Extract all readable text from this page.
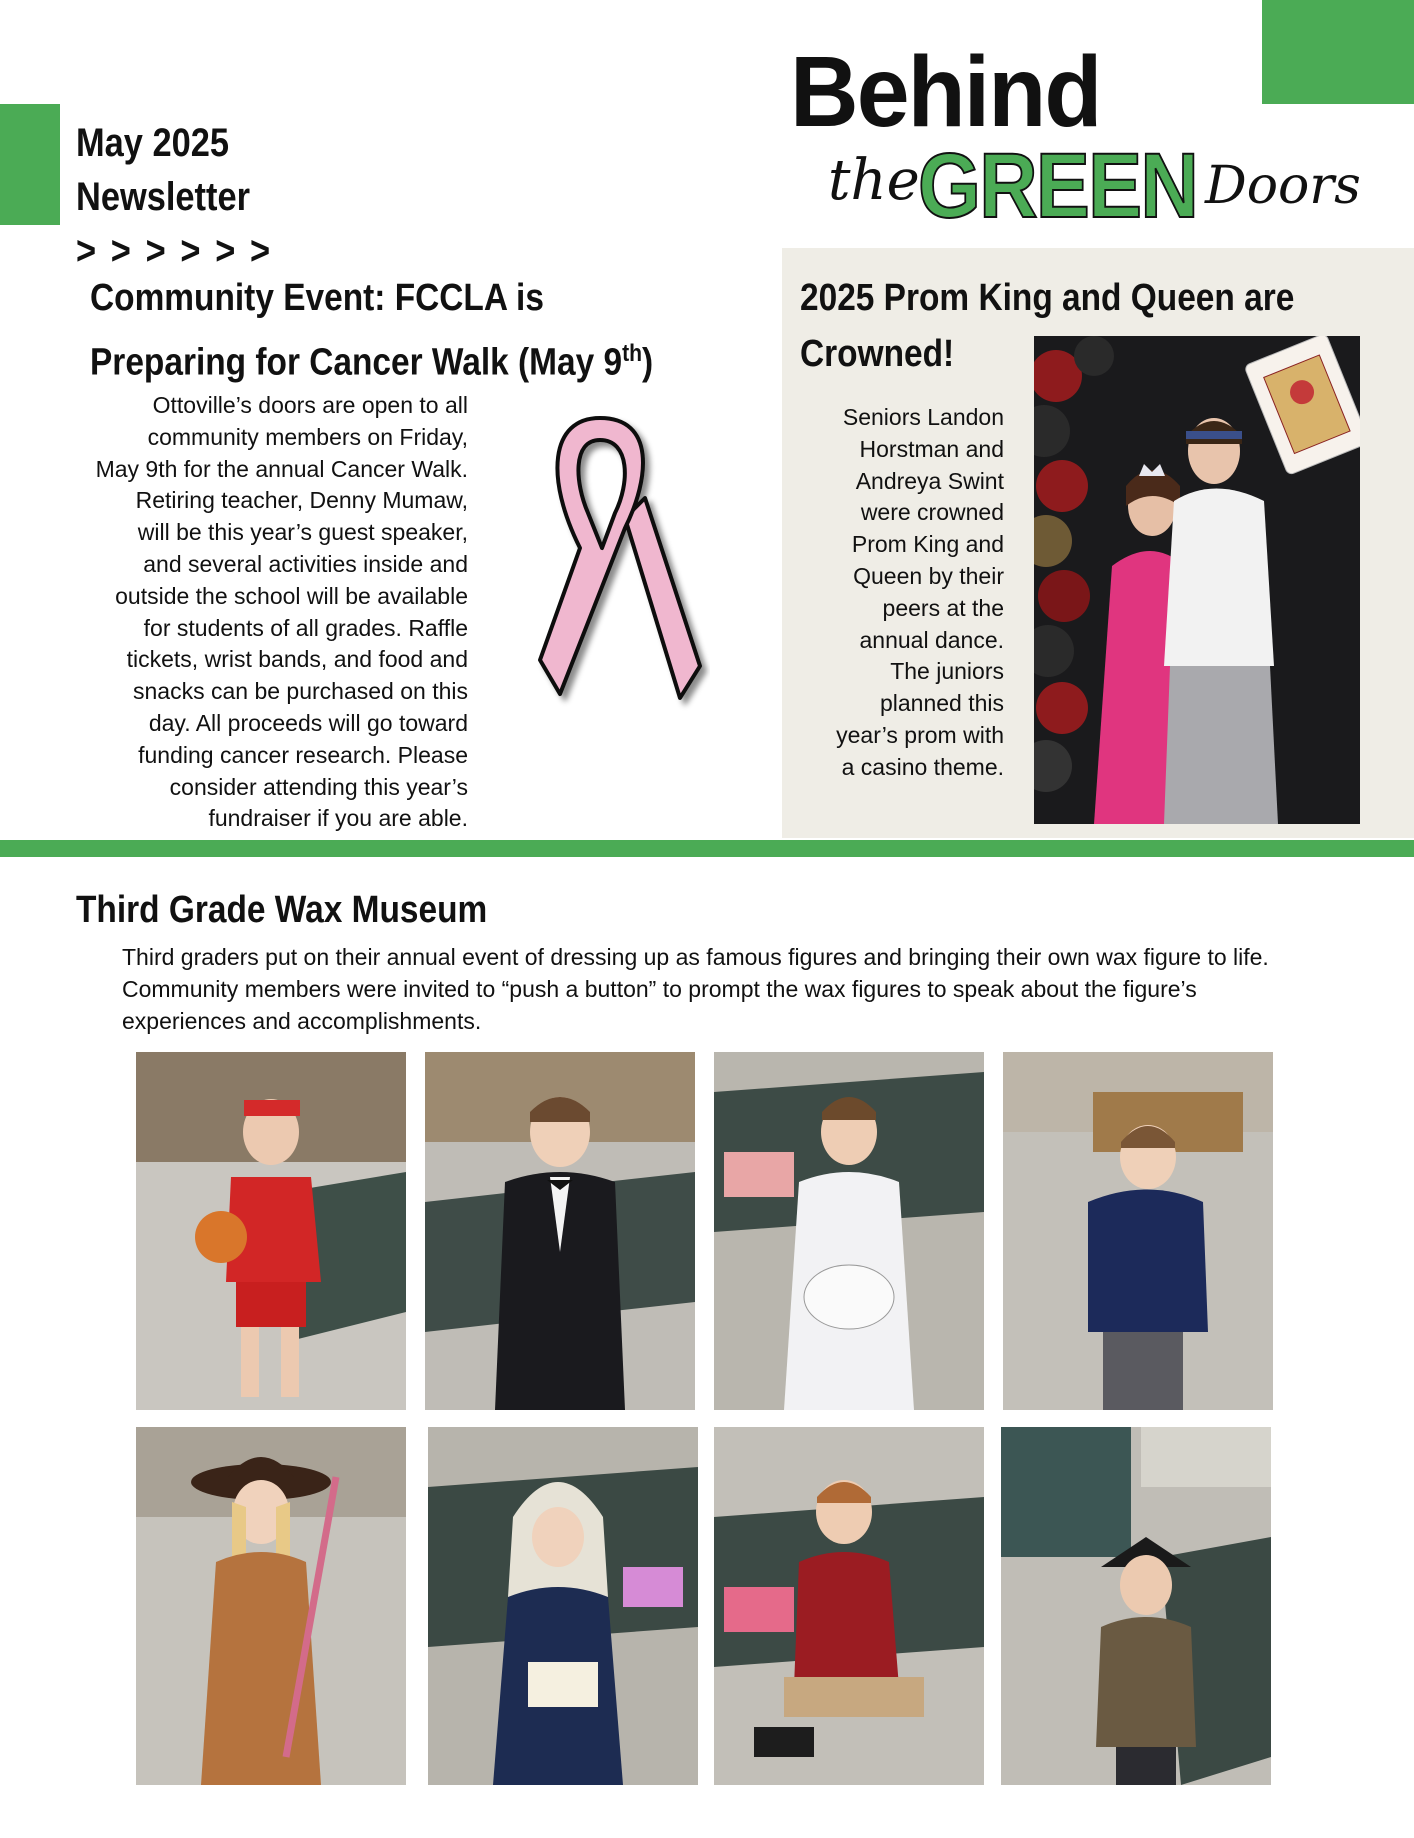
May 2025
Newsletter
> > > > > >
Behind
the
GREEN Doors
Community Event: FCCLA is
Preparing for Cancer Walk (May 9th)
Ottoville’s doors are open to all
community members on Friday,
May 9th for the annual Cancer Walk.
Retiring teacher, Denny Mumaw,
will be this year’s guest speaker,
and several activities inside and
outside the school will be available
for students of all grades. Raffle
tickets, wrist bands, and food and
snacks can be purchased on this
day. All proceeds will go toward
funding cancer research. Please
consider attending this year’s
fundraiser if you are able.
2025 Prom King and Queen are
Crowned!
Seniors Landon
Horstman and
Andreya Swint
were crowned
Prom King and
Queen by their
peers at the
annual dance.
The juniors
planned this
year’s prom with
a casino theme.
Third Grade Wax Museum
Third graders put on their annual event of dressing up as famous figures and bringing their own wax figure to life.
Community members were invited to “push a button” to prompt the wax figures to speak about the figure’s
experiences and accomplishments.
